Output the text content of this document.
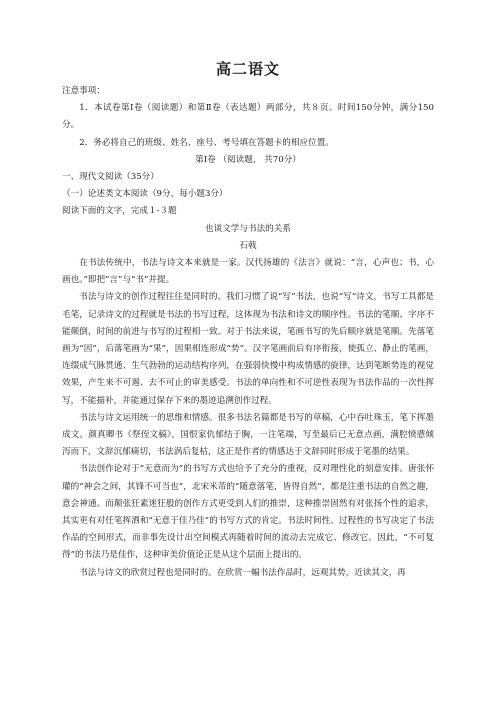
高二语文

注意事项：

1．本试卷第Ⅰ卷（阅读题）和第Ⅱ卷（表达题）两部分，共８页。时间150分钟，满分150分。

2．务必将自己的班级、姓名、座号、考号填在答题卡的相应位置。

第Ⅰ卷 （阅读题， 共70分）

一、现代文阅读（35分）

（一）论述类文本阅读（9分，每小题3分）

阅读下面的文字，完成１-３题

也谈文学与书法的关系

石戟

在书法传统中，书法与诗文本来就是一家。汉代扬雄的《法言》就说：“言，心声也；书，心画也。”即把“言”与“书”并提。

书法与诗文的创作过程往往是同时的。我们习惯了说“写”书法，也说“写”诗文，书写工具都是毛笔，记录诗文的过程就是书法的书写过程，这体现为书法和诗文的顺序性。书法的笔顺、字序不能颠倒，时间的前进与书写的过程相一致。对于书法来说，笔画书写的先后顺序就是笔顺。先落笔画为“因”，后落笔画为“果”，因果相连形成“势”。汉字笔画前后有序衔接，使孤立、静止的笔画，连缀成气脉贯通、生气勃勃的运动结构序列，在强弱快慢中构成情感的旋律，达到笔断势连的视觉效果，产生来不可遏、去不可止的审美感受。书法的单向性和不可逆性表现为书法作品的一次性挥写，不能描补，并能通过保存下来的墨迹追溯创作过程。

书法与诗文运用统一的思维和情感。很多书法名篇都是书写的草稿，心中吞吐珠玉，笔下挥墨成文。颜真卿书《祭侄文稿》，国恨家仇郁结于胸，一注笔端，写至最后已无意点画，满腔愤懑倾泻而下，文辞沉郁痛切，书法涡后复枯，这正是作者的情感达于文辞同时形成于笔墨的结果。

书法创作论对于“无意而为”的书写方式也给予了充分的重视，反对理性化的刻意安排。唐张怀瓘的“神会之间，其锋不可当也”，北宋米芾的“随意落笔，皆得自然”，都是注重书法的自然之趣，意会神通。而颠张狂素迷狂般的创作方式更受到人们的推崇，这种推崇固然有对张扬个性的追求，其实更有对任笔挥洒和“无意于佳乃佳”的书写方式的肯定。书法时间性、过程性的书写决定了书法作品的空间形式，而非事先设计出空间模式再随着时间的流动去完成它、修改它。因此，“不可复得”的书法乃是佳作，这种审美价值论正是从这个层面上提出的。

书法与诗文的欣赏过程也是同时的。在欣赏一幅书法作品时，远观其势，近读其文，再
